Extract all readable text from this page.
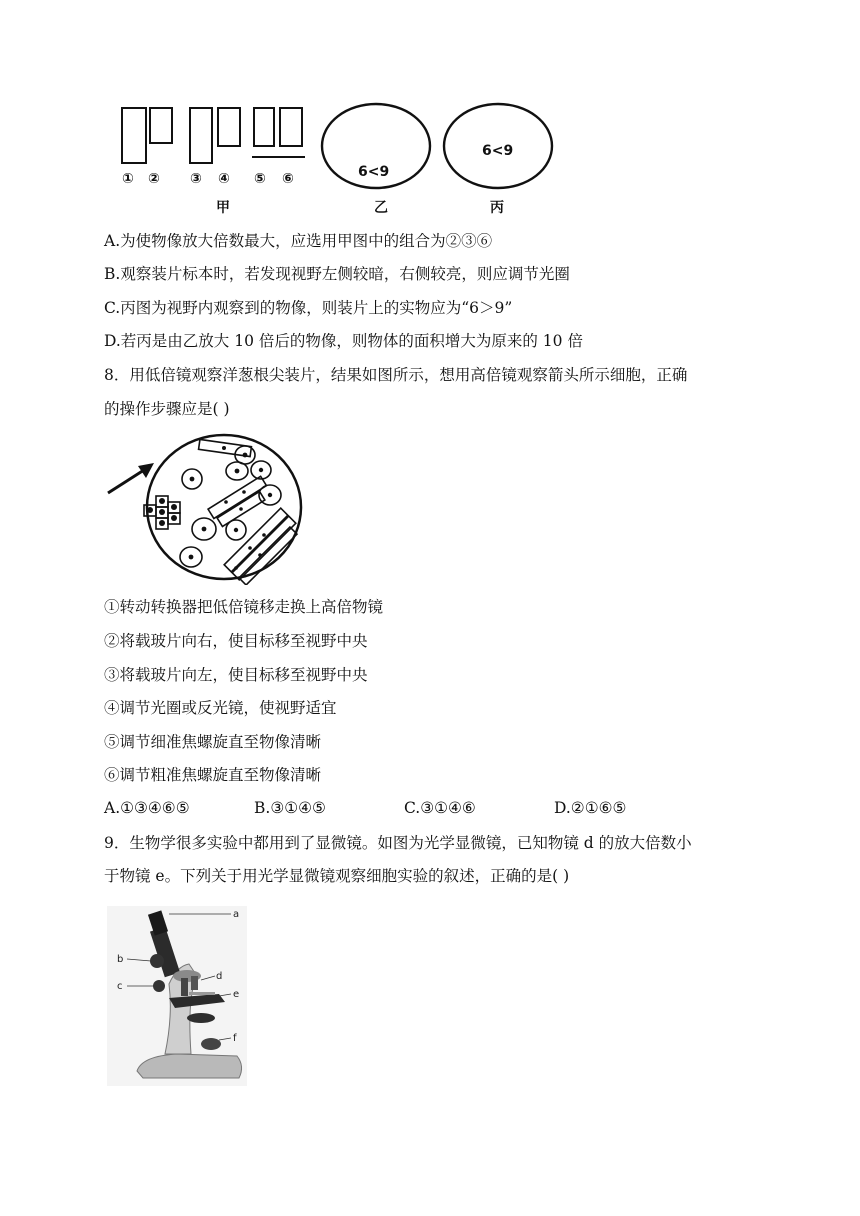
① ② ③ ④ ⑤ ⑥	6<9
6<9
甲	乙	丙
A.为使物像放大倍数最大，应选用甲图中的组合为②③⑥
B.观察装片标本时，若发现视野左侧较暗，右侧较亮，则应调节光圈
C.丙图为视野内观察到的物像，则装片上的实物应为“6＞9”
D.若丙是由乙放大 10 倍后的物像，则物体的面积增大为原来的 10 倍
8．用低倍镜观察洋葱根尖装片，结果如图所示，想用高倍镜观察箭头所示细胞，正确
的操作步骤应是( )
①转动转换器把低倍镜移走换上高倍物镜
②将载玻片向右，使目标移至视野中央
③将载玻片向左，使目标移至视野中央
④调节光圈或反光镜，使视野适宜
⑤调节细准焦螺旋直至物像清晰
⑥调节粗准焦螺旋直至物像清晰
A.①③④⑥⑤	B.③①④⑤	C.③①④⑥	D.②①⑥⑤
9．生物学很多实验中都用到了显微镜。如图为光学显微镜，已知物镜 d 的放大倍数小
于物镜 e。下列关于用光学显微镜观察细胞实验的叙述，正确的是( )
a
b
c
d
e
f
